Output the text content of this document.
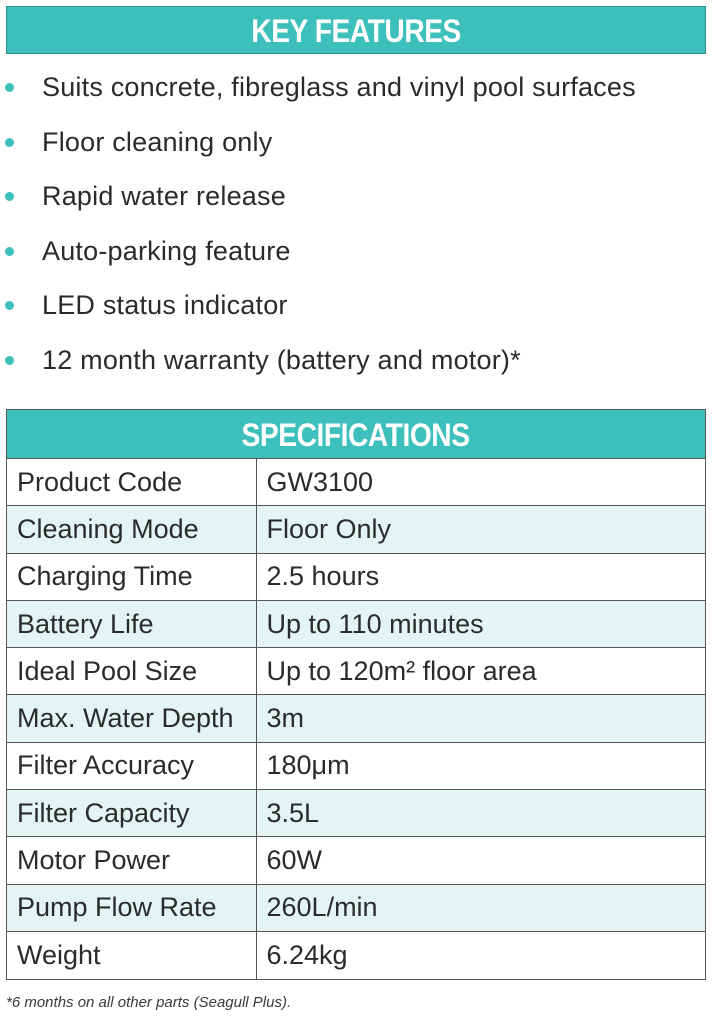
KEY FEATURES
Suits concrete, fibreglass and vinyl pool surfaces
Floor cleaning only
Rapid water release
Auto-parking feature
LED status indicator
12 month warranty (battery and motor)*
SPECIFICATIONS
Product Code	GW3100
Cleaning Mode	Floor Only
Charging Time	2.5 hours
Battery Life	Up to 110 minutes
Ideal Pool Size	Up to 120m² floor area
Max. Water Depth	3m
Filter Accuracy	180μm
Filter Capacity	3.5L
Motor Power	60W
Pump Flow Rate	260L/min
Weight	6.24kg
*6 months on all other parts (Seagull Plus).
